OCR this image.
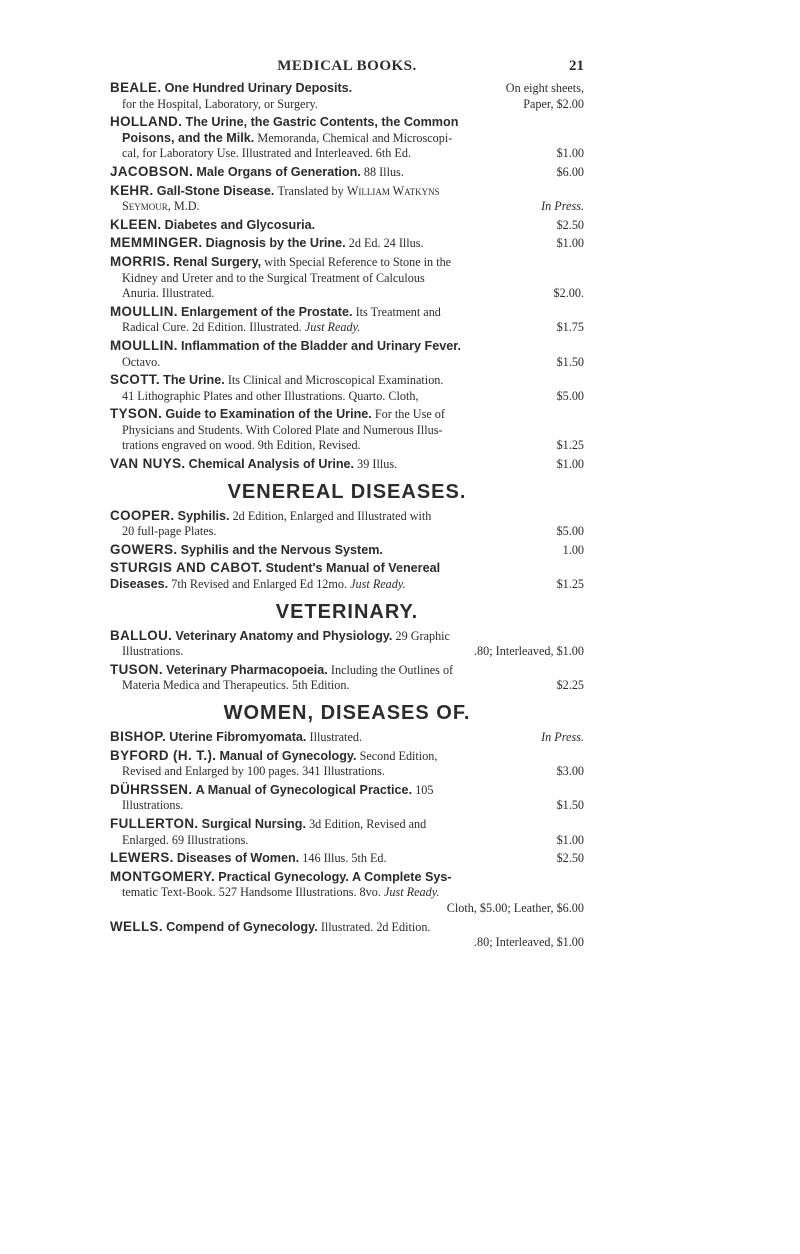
MEDICAL BOOKS.	21
BEALE. One Hundred Urinary Deposits.	On eight sheets,
for the Hospital, Laboratory, or Surgery.	Paper, $2.00
HOLLAND. The Urine, the Gastric Contents, the Common
Poisons, and the Milk. Memoranda, Chemical and Microscopi-
cal, for Laboratory Use. Illustrated and Interleaved. 6th Ed.	$1.00
JACOBSON. Male Organs of Generation. 88 Illus.	$6.00
KEHR. Gall-Stone Disease. Translated by William Watkyns
Seymour, M.D.	In Press.
KLEEN. Diabetes and Glycosuria.	$2.50
MEMMINGER. Diagnosis by the Urine. 2d Ed. 24 Illus.	$1.00
MORRIS. Renal Surgery, with Special Reference to Stone in the
Kidney and Ureter and to the Surgical Treatment of Calculous
Anuria. Illustrated.	$2.00.
MOULLIN. Enlargement of the Prostate. Its Treatment and
Radical Cure. 2d Edition. Illustrated. Just Ready.	$1.75
MOULLIN. Inflammation of the Bladder and Urinary Fever.
Octavo.	$1.50
SCOTT. The Urine. Its Clinical and Microscopical Examination.
41 Lithographic Plates and other Illustrations. Quarto. Cloth,	$5.00
TYSON. Guide to Examination of the Urine. For the Use of
Physicians and Students. With Colored Plate and Numerous Illus-
trations engraved on wood. 9th Edition, Revised.	$1.25
VAN NUYS. Chemical Analysis of Urine. 39 Illus.	$1.00
VENEREAL DISEASES.
COOPER. Syphilis. 2d Edition, Enlarged and Illustrated with
20 full-page Plates.	$5.00
GOWERS. Syphilis and the Nervous System.	1.00
STURGIS AND CABOT. Student's Manual of Venereal
Diseases. 7th Revised and Enlarged Ed 12mo. Just Ready.	$1.25
VETERINARY.
BALLOU. Veterinary Anatomy and Physiology. 29 Graphic
Illustrations.	.80; Interleaved, $1.00
TUSON. Veterinary Pharmacopoeia. Including the Outlines of
Materia Medica and Therapeutics. 5th Edition.	$2.25
WOMEN, DISEASES OF.
BISHOP. Uterine Fibromyomata. Illustrated.	In Press.
BYFORD (H. T.). Manual of Gynecology. Second Edition,
Revised and Enlarged by 100 pages. 341 Illustrations.	$3.00
DÜHRSSEN. A Manual of Gynecological Practice. 105
Illustrations.	$1.50
FULLERTON. Surgical Nursing. 3d Edition, Revised and
Enlarged. 69 Illustrations.	$1.00
LEWERS. Diseases of Women. 146 Illus. 5th Ed.	$2.50
MONTGOMERY. Practical Gynecology. A Complete Sys-
tematic Text-Book. 527 Handsome Illustrations. 8vo. Just Ready.
Cloth, $5.00; Leather, $6.00
WELLS. Compend of Gynecology. Illustrated. 2d Edition.
.80; Interleaved, $1.00
